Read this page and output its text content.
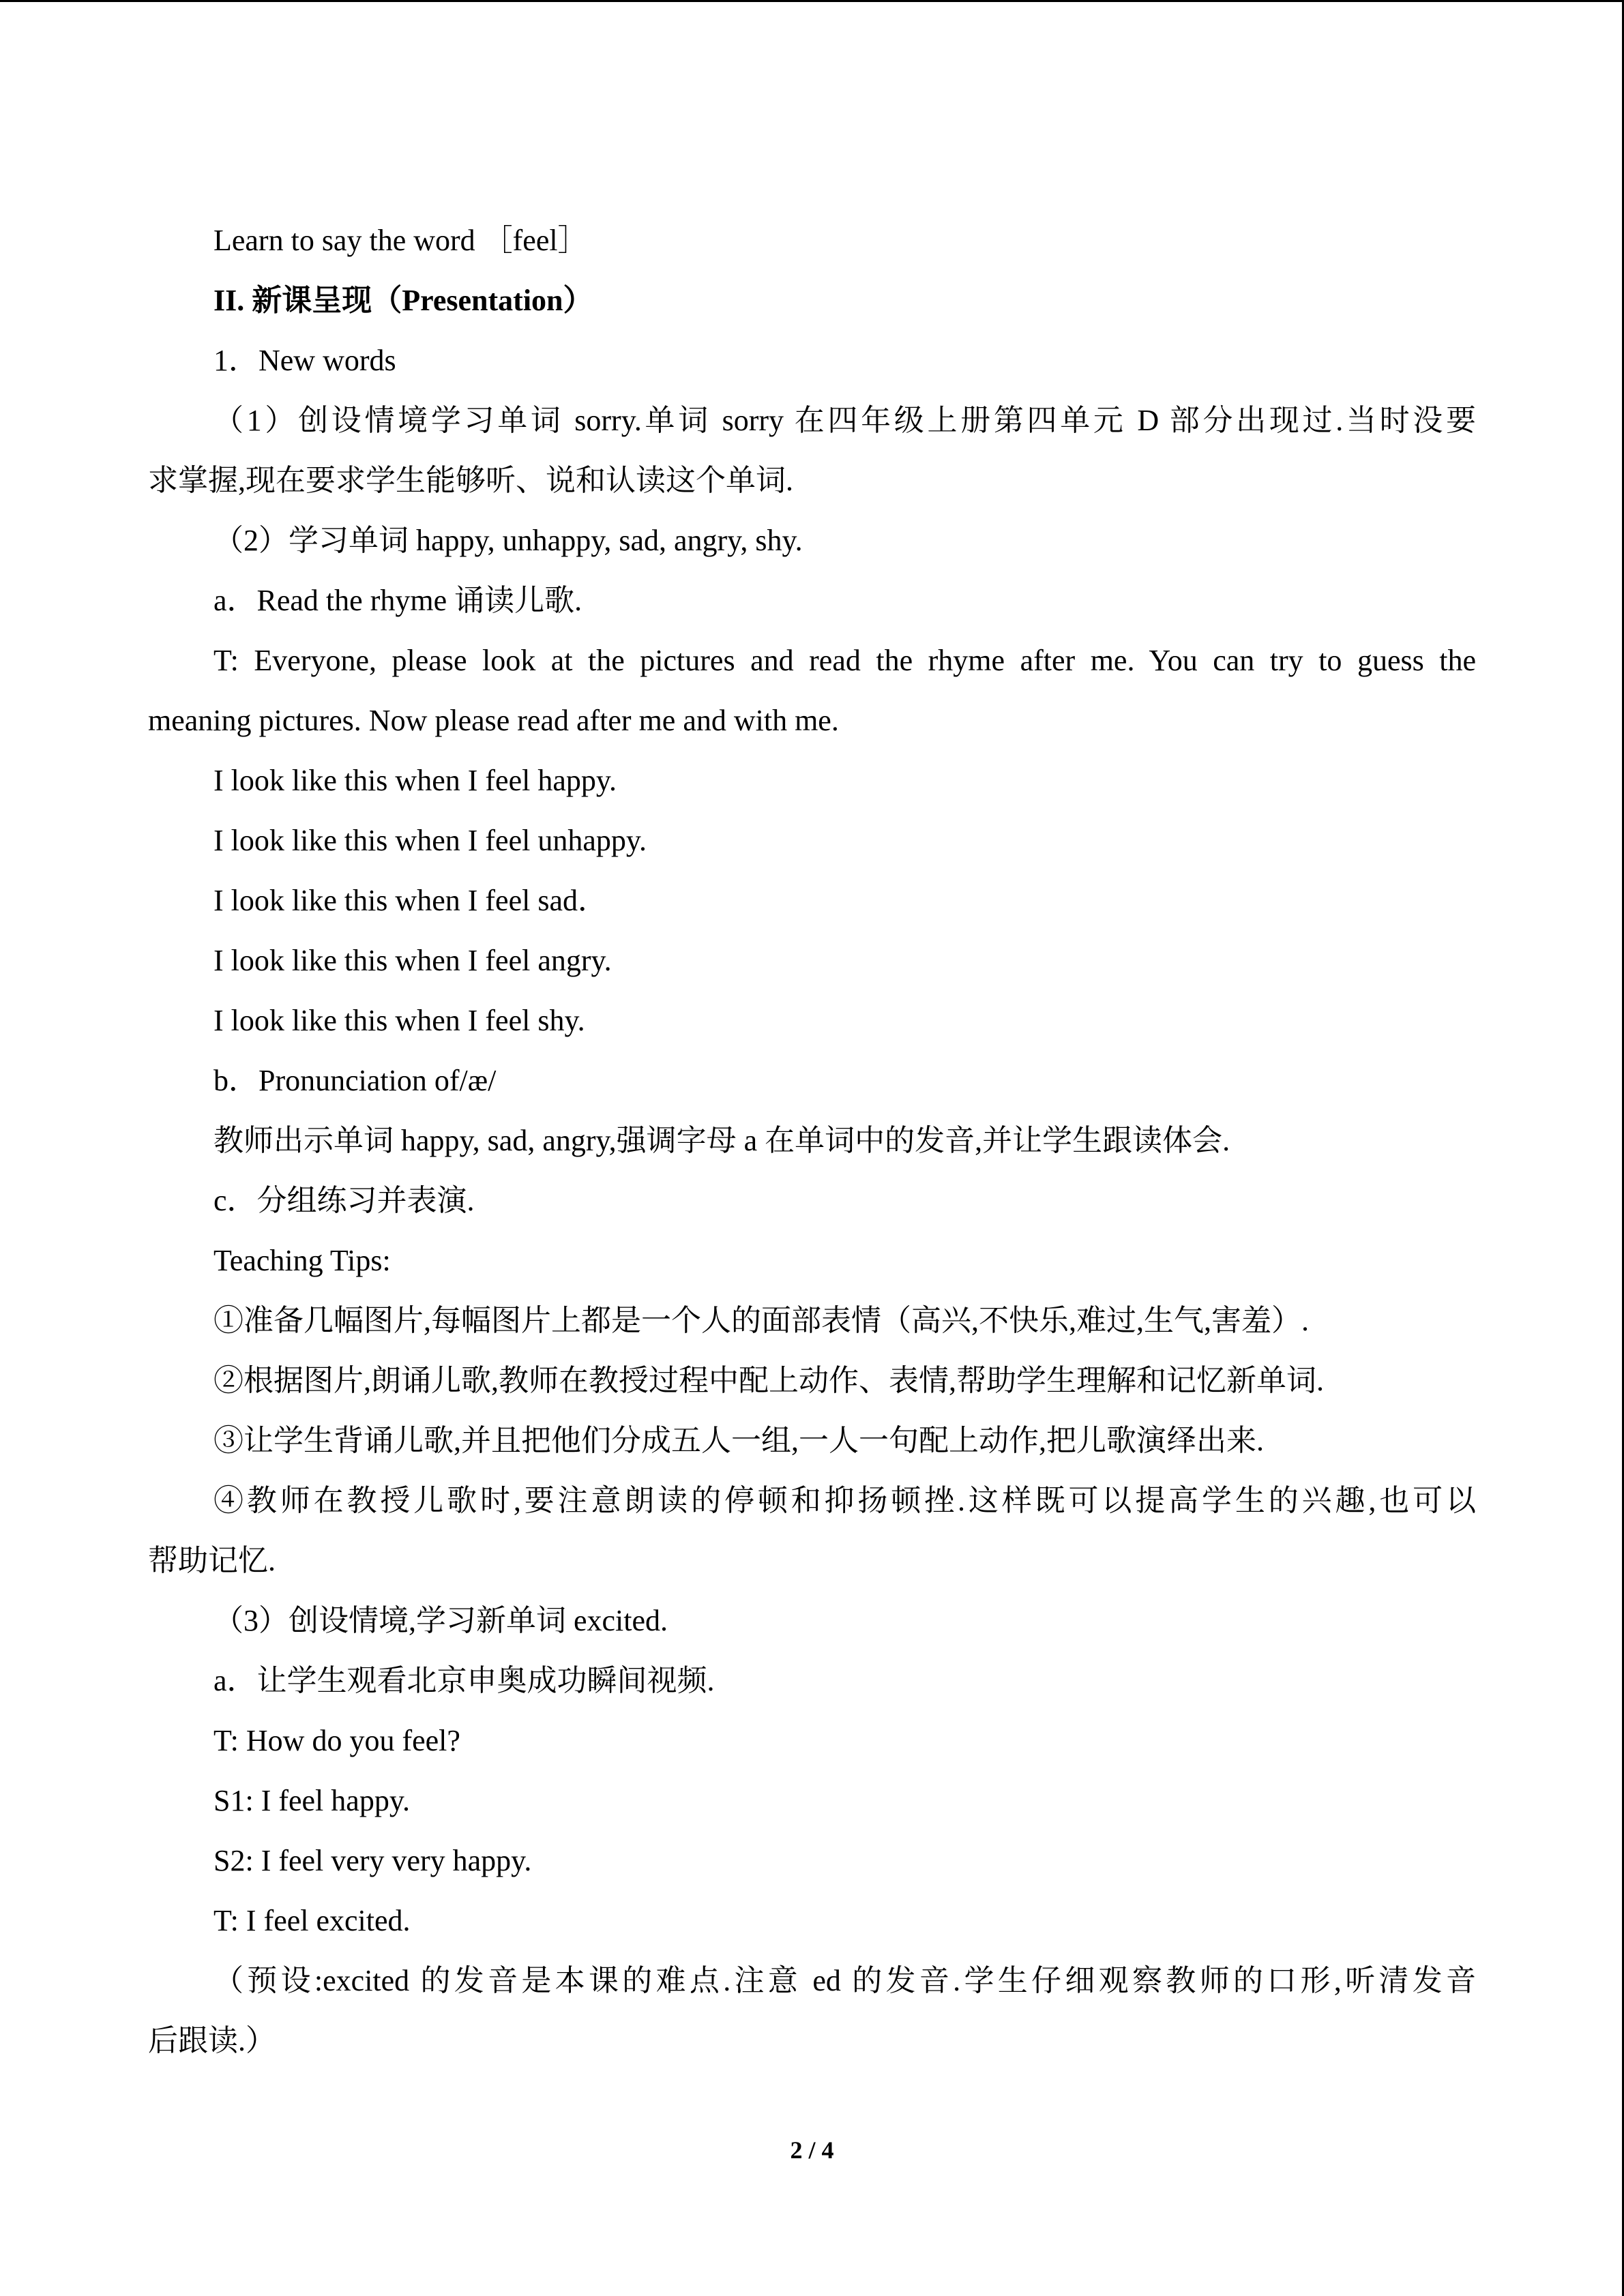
Learn to say the word ［feel］
II. 新课呈现（Presentation）
1．New words
（1）创设情境学习单词 sorry.单词 sorry 在四年级上册第四单元 D 部分出现过.当时没要
求掌握,现在要求学生能够听、说和认读这个单词.
（2）学习单词 happy, unhappy, sad, angry, shy.
a．Read the rhyme 诵读儿歌.
T: Everyone, please look at the pictures and read the rhyme after me. You can try to guess the
meaning pictures. Now please read after me and with me.
I look like this when I feel happy.
I look like this when I feel unhappy.
I look like this when I feel sad．
I look like this when I feel angry.
I look like this when I feel shy.
b．Pronunciation of/æ/
教师出示单词 happy, sad, angry,强调字母 a 在单词中的发音,并让学生跟读体会.
c．分组练习并表演.
Teaching Tips:
①准备几幅图片,每幅图片上都是一个人的面部表情（高兴,不快乐,难过,生气,害羞）.
②根据图片,朗诵儿歌,教师在教授过程中配上动作、表情,帮助学生理解和记忆新单词.
③让学生背诵儿歌,并且把他们分成五人一组,一人一句配上动作,把儿歌演绎出来.
④教师在教授儿歌时,要注意朗读的停顿和抑扬顿挫.这样既可以提高学生的兴趣,也可以
帮助记忆.
（3）创设情境,学习新单词 excited.
a．让学生观看北京申奥成功瞬间视频.
T: How do you feel?
S1: I feel happy.
S2: I feel very very happy.
T: I feel excited.
（预设:excited 的发音是本课的难点.注意 ed 的发音.学生仔细观察教师的口形,听清发音
后跟读.）
2 / 4
